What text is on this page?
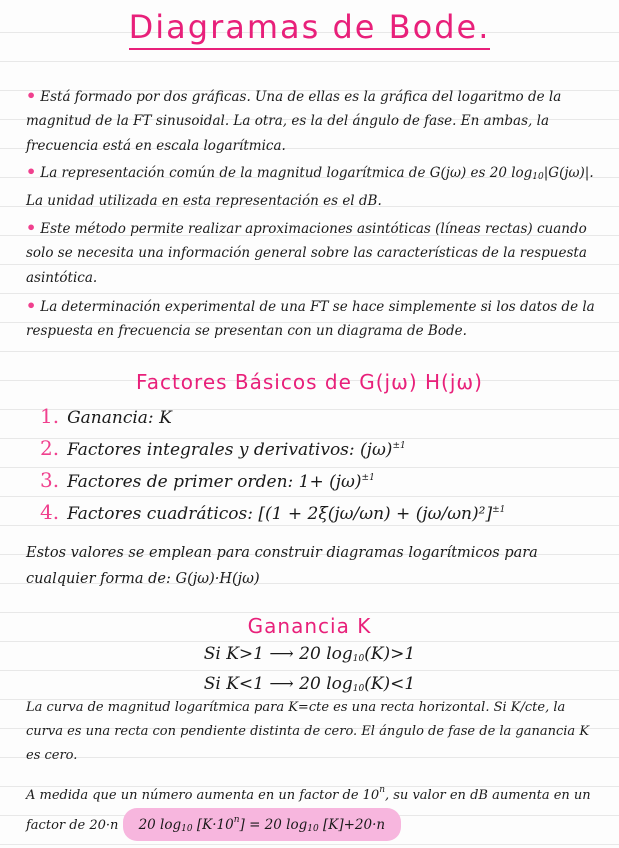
Diagramas de Bode.
• Está formado por dos gráficas. Una de ellas es la gráfica del logaritmo de la magnitud de la FT sinusoidal. La otra, es la del ángulo de fase. En ambas, la frecuencia está en escala logarítmica.
• La representación común de la magnitud logarítmica de G(jω) es 20 $\log_{10}|G(j\omega)|$. La unidad utilizada en esta representación es el dB.
• Este método permite realizar aproximaciones asintóticas (líneas rectas) cuando solo se necesita una información general sobre las características de la respuesta asintótica.
• La determinación experimental de una FT se hace simplemente si los datos de la respuesta en frecuencia se presentan con un diagrama de Bode.
Factores Básicos de G(jω) H(jω)
1. Ganancia: K
2. Factores integrales y derivativos: $(j\omega)^{\pm 1}$
3. Factores de primer orden: $1+ (j\omega)^{\pm 1}$
4. Factores cuadráticos: [$(1 + 2\xi(j\omega/\omega n) + (j\omega/\omega n)^2]^{\pm 1}$
Estos valores se emplean para construir diagramas logarítmicos para cualquier forma de: G(jω)·H(jω)
Ganancia K
Si K>1 ⟶ 20 $\log_{10}(K)>1$
Si K<1 ⟶ 20 $\log_{10}(K)<1$
La curva de magnitud logarítmica para K=cte es una recta horizontal. Si K/cte, la curva es una recta con pendiente distinta de cero. El ángulo de fase de la ganancia K es cero.
A medida que un número aumenta en un factor de 10$^n$, su valor en dB aumenta en un factor de 20·n 20 $\log_{10} [K\cdot 10^n] = 20$ $\log_{10} [K]+20\cdot n$
